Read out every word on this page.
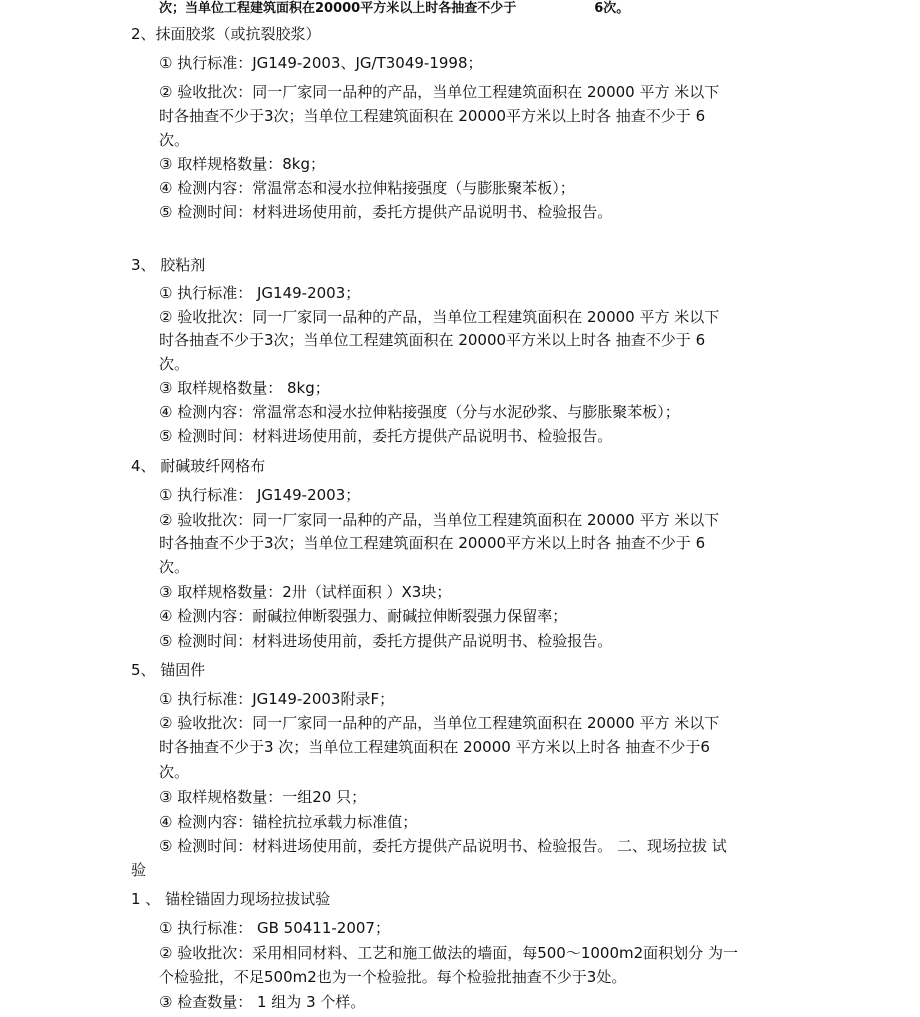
次；当单位工程建筑面积在20000平方米以上时各抽查不少于	6次。
2、抹面胶浆（或抗裂胶浆）
① 执行标准：JG149-2003、JG/T3049-1998；
② 验收批次：同一厂家同一品种的产品，当单位工程建筑面积在 20000 平方 米以下
时各抽查不少于3次；当单位工程建筑面积在 20000平方米以上时各 抽查不少于 6
次。
③ 取样规格数量：8kg；
④ 检测内容：常温常态和浸水拉伸粘接强度（与膨胀聚苯板）；
⑤ 检测时间：材料进场使用前，委托方提供产品说明书、检验报告。
3、 胶粘剂
① 执行标准： JG149-2003；
② 验收批次：同一厂家同一品种的产品，当单位工程建筑面积在 20000 平方 米以下
时各抽查不少于3次；当单位工程建筑面积在 20000平方米以上时各 抽查不少于 6
次。
③ 取样规格数量： 8kg；
④ 检测内容：常温常态和浸水拉伸粘接强度（分与水泥砂浆、与膨胀聚苯板）；
⑤ 检测时间：材料进场使用前，委托方提供产品说明书、检验报告。
4、 耐碱玻纤网格布
① 执行标准： JG149-2003；
② 验收批次：同一厂家同一品种的产品，当单位工程建筑面积在 20000 平方 米以下
时各抽查不少于3次；当单位工程建筑面积在 20000平方米以上时各 抽查不少于 6
次。
③ 取样规格数量：2卅（试样面积 ）X3块；
④ 检测内容：耐碱拉伸断裂强力、耐碱拉伸断裂强力保留率；
⑤ 检测时间：材料进场使用前，委托方提供产品说明书、检验报告。
5、 锚固件
① 执行标准：JG149-2003附录F；
② 验收批次：同一厂家同一品种的产品，当单位工程建筑面积在 20000 平方 米以下
时各抽查不少于3 次；当单位工程建筑面积在 20000 平方米以上时各 抽查不少于6
次。
③ 取样规格数量：一组20 只；
④ 检测内容：锚栓抗拉承载力标准值；
⑤ 检测时间：材料进场使用前，委托方提供产品说明书、检验报告。 二、现场拉拔 试
验
1 、 锚栓锚固力现场拉拔试验
① 执行标准： GB 50411-2007；
② 验收批次：采用相同材料、工艺和施工做法的墙面，每500～1000m2面积划分 为一
个检验批，不足500m2也为一个检验批。每个检验批抽查不少于3处。
③ 检查数量： 1 组为 3 个样。
